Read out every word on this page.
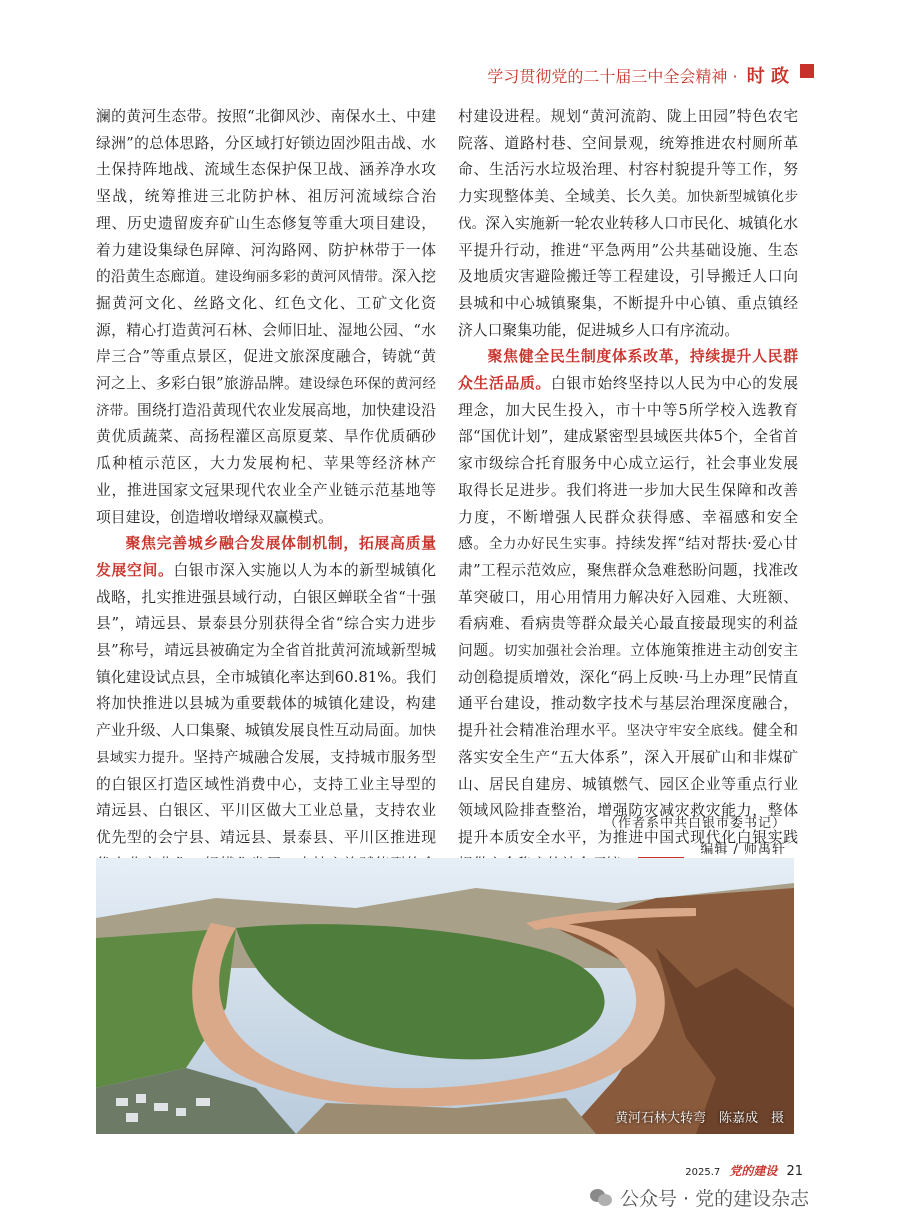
学习贯彻党的二十届三中全会精神 · 时 政

澜的黄河生态带。按照“北御风沙、南保水土、中建绿洲”的总体思路，分区域打好锁边固沙阻击战、水土保持阵地战、流域生态保护保卫战、涵养净水攻坚战，统筹推进三北防护林、祖厉河流域综合治理、历史遗留废弃矿山生态修复等重大项目建设，着力建设集绿色屏障、河沟路网、防护林带于一体的沿黄生态廊道。建设绚丽多彩的黄河风情带。深入挖掘黄河文化、丝路文化、红色文化、工矿文化资源，精心打造黄河石林、会师旧址、湿地公园、“水岸三合”等重点景区，促进文旅深度融合，铸就“黄河之上、多彩白银”旅游品牌。建设绿色环保的黄河经济带。围绕打造沿黄现代农业发展高地，加快建设沿黄优质蔬菜、高扬程灌区高原夏菜、旱作优质硒砂瓜种植示范区，大力发展枸杞、苹果等经济林产业，推进国家文冠果现代农业全产业链示范基地等项目建设，创造增收增绿双赢模式。

聚焦完善城乡融合发展体制机制，拓展高质量发展空间。白银市深入实施以人为本的新型城镇化战略，扎实推进强县域行动，白银区蝉联全省“十强县”，靖远县、景泰县分别获得全省“综合实力进步县”称号，靖远县被确定为全省首批黄河流域新型城镇化建设试点县，全市城镇化率达到60.81%。我们将加快推进以县城为重要载体的城镇化建设，构建产业升级、人口集聚、城镇发展良性互动局面。加快县域实力提升。坚持产城融合发展，支持城市服务型的白银区打造区域性消费中心，支持工业主导型的靖远县、白银区、平川区做大工业总量，支持农业优先型的会宁县、靖远县、景泰县、平川区推进现

村建设进程。规划“黄河流韵、陇上田园”特色农宅院落、道路村巷、空间景观，统筹推进农村厕所革命、生活污水垃圾治理、村容村貌提升等工作，努力实现整体美、全域美、长久美。加快新型城镇化步伐。深入实施新一轮农业转移人口市民化、城镇化水平提升行动，推进“平急两用”公共基础设施、生态及地质灾害避险搬迁等工程建设，引导搬迁人口向县城和中心城镇聚集，不断提升中心镇、重点镇经济人口聚集功能，促进城乡人口有序流动。

聚焦健全民生制度体系改革，持续提升人民群众生活品质。白银市始终坚持以人民为中心的发展理念，加大民生投入，市十中等5所学校入选教育部“国优计划”，建成紧密型县域医共体5个，全省首家市级综合托育服务中心成立运行，社会事业发展取得长足进步。我们将进一步加大民生保障和改善力度，不断增强人民群众获得感、幸福感和安全感。全力办好民生实事。持续发挥“结对帮扶·爱心甘肃”工程示范效应，聚焦群众急难愁盼问题，找准改革突破口，用心用情用力解决好入园难、大班额、看病难、看病贵等群众最关心最直接最现实的利益问题。切实加强社会治理。立体施策推进主动创安主动创稳提质增效，深化“码上反映·马上办理”民情直通平台建设，推动数字技术与基层治理深度融合，提升社会精准治理水平。坚决守牢安全底线。健全和落实安全生产“五大体系”，深入开展矿山和非煤矿山、居民自建房、城镇燃气、园区企业等重点行业领域风险排查整治，增强防灾减灾救灾能力，整体提升本质安全水平，为推进中国式现代化白银实践

（作者系中共白银市委书记）
编辑 / 师禹轩
黄河石林大转弯　陈嘉成　摄
2025.7 党的建设 21
公众号 · 党的建设杂志
